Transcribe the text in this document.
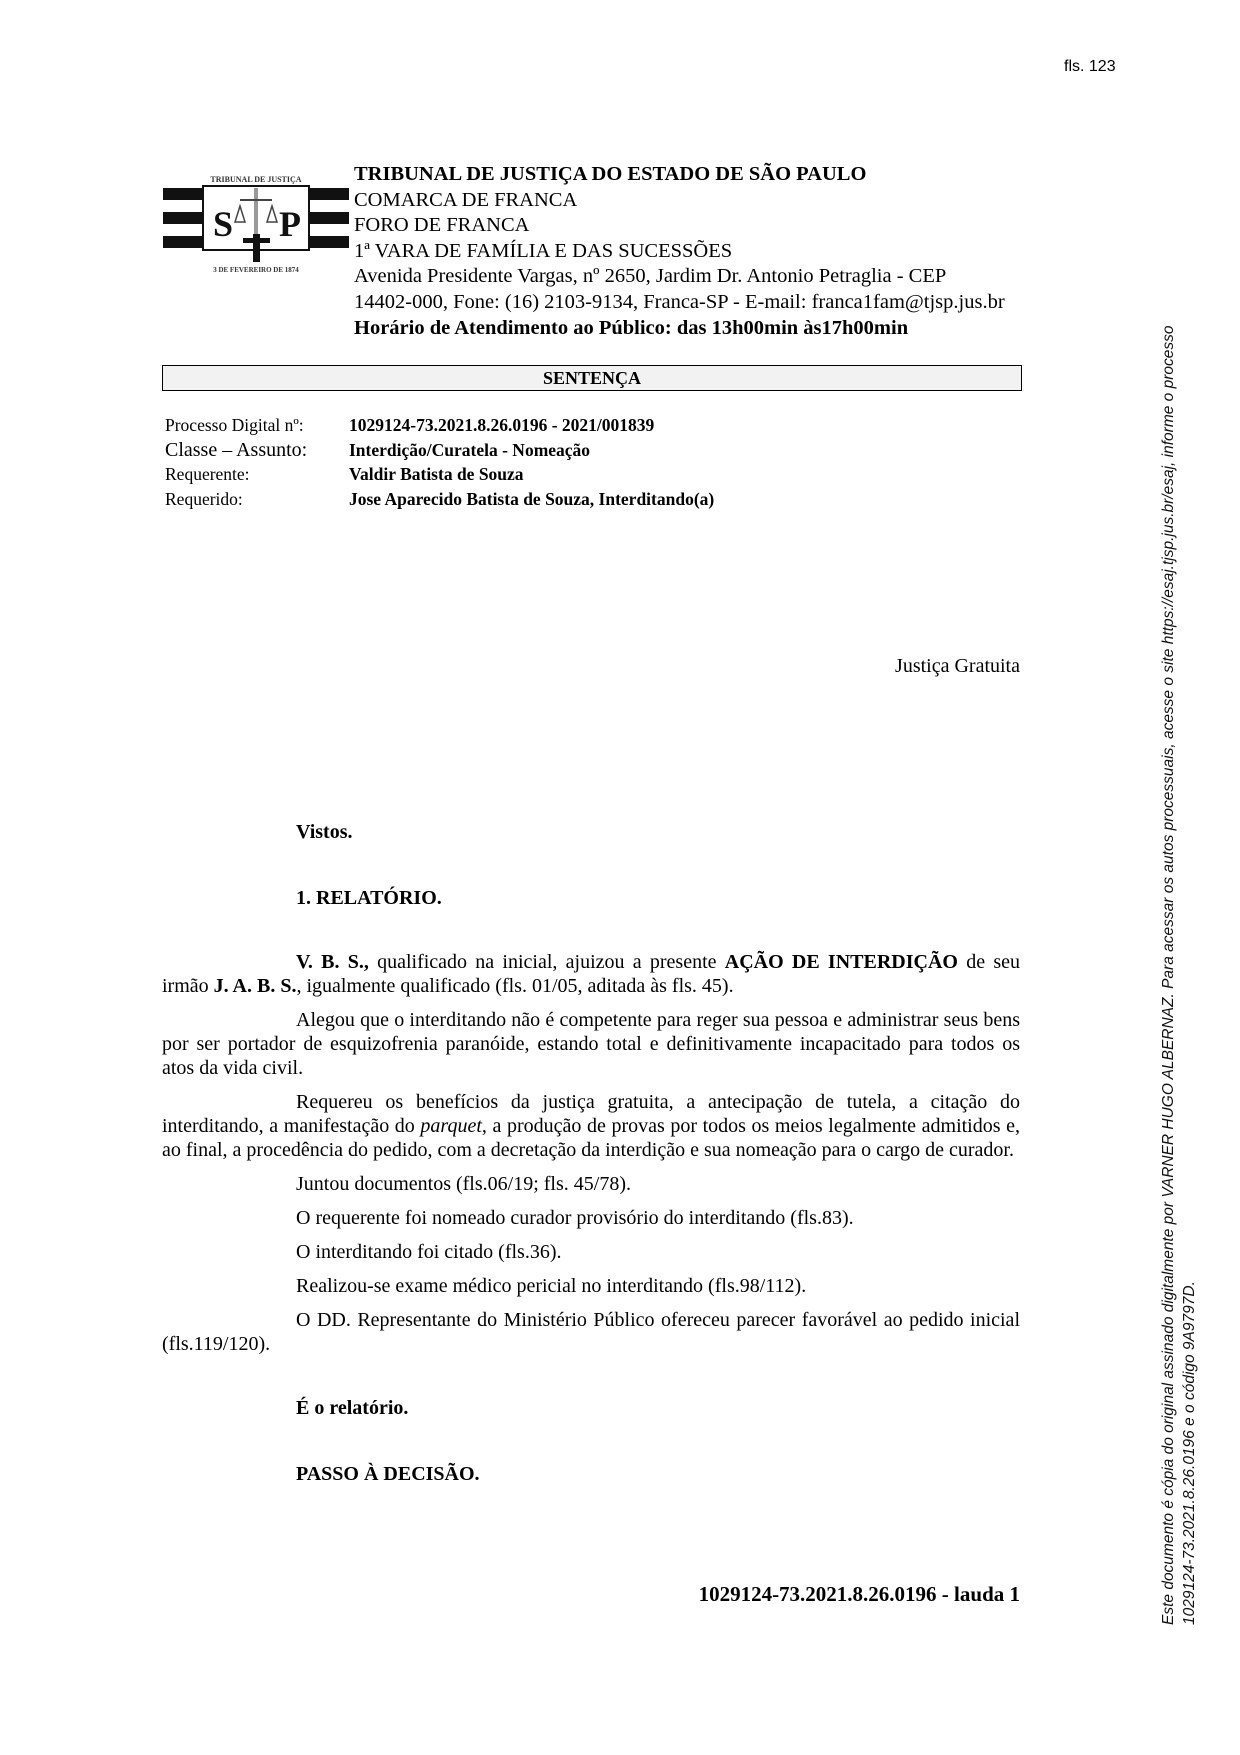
fls. 123
TRIBUNAL DE JUSTIÇA
S P
3 DE FEVEREIRO DE 1874
TRIBUNAL DE JUSTIÇA DO ESTADO DE SÃO PAULO
COMARCA DE FRANCA
FORO DE FRANCA
1ª VARA DE FAMÍLIA E DAS SUCESSÕES
Avenida Presidente Vargas, nº 2650, Jardim Dr. Antonio Petraglia - CEP
14402-000, Fone: (16) 2103-9134, Franca-SP - E-mail: franca1fam@tjsp.jus.br
Horário de Atendimento ao Público: das 13h00min às17h00min
SENTENÇA
Processo Digital nº:	1029124-73.2021.8.26.0196 - 2021/001839
Classe – Assunto:	Interdição/Curatela - Nomeação
Requerente:	Valdir Batista de Souza
Requerido:	Jose Aparecido Batista de Souza, Interditando(a)
Justiça Gratuita
Vistos.
1. RELATÓRIO.

V. B. S., qualificado na inicial, ajuizou a presente AÇÃO DE INTERDIÇÃO de seu irmão J. A. B. S., igualmente qualificado (fls. 01/05, aditada às fls. 45).

Alegou que o interditando não é competente para reger sua pessoa e administrar seus bens por ser portador de esquizofrenia paranóide, estando total e definitivamente incapacitado para todos os atos da vida civil.

Requereu os benefícios da justiça gratuita, a antecipação de tutela, a citação do interditando, a manifestação do parquet, a produção de provas por todos os meios legalmente admitidos e, ao final, a procedência do pedido, com a decretação da interdição e sua nomeação para o cargo de curador.

Juntou documentos (fls.06/19; fls. 45/78).

O requerente foi nomeado curador provisório do interditando (fls.83).

O interditando foi citado (fls.36).

Realizou-se exame médico pericial no interditando (fls.98/112).

O DD. Representante do Ministério Público ofereceu parecer favorável ao pedido inicial (fls.119/120).

É o relatório.
PASSO À DECISÃO.
1029124-73.2021.8.26.0196 - lauda 1	Este documento é cópia do original assinado digitalmente por VARNER HUGO ALBERNAZ. Para acessar os autos processuais, acesse o site https://esaj.tjsp.jus.br/esaj, informe o processo 1029124-73.2021.8.26.0196 e o código 9A9797D.
